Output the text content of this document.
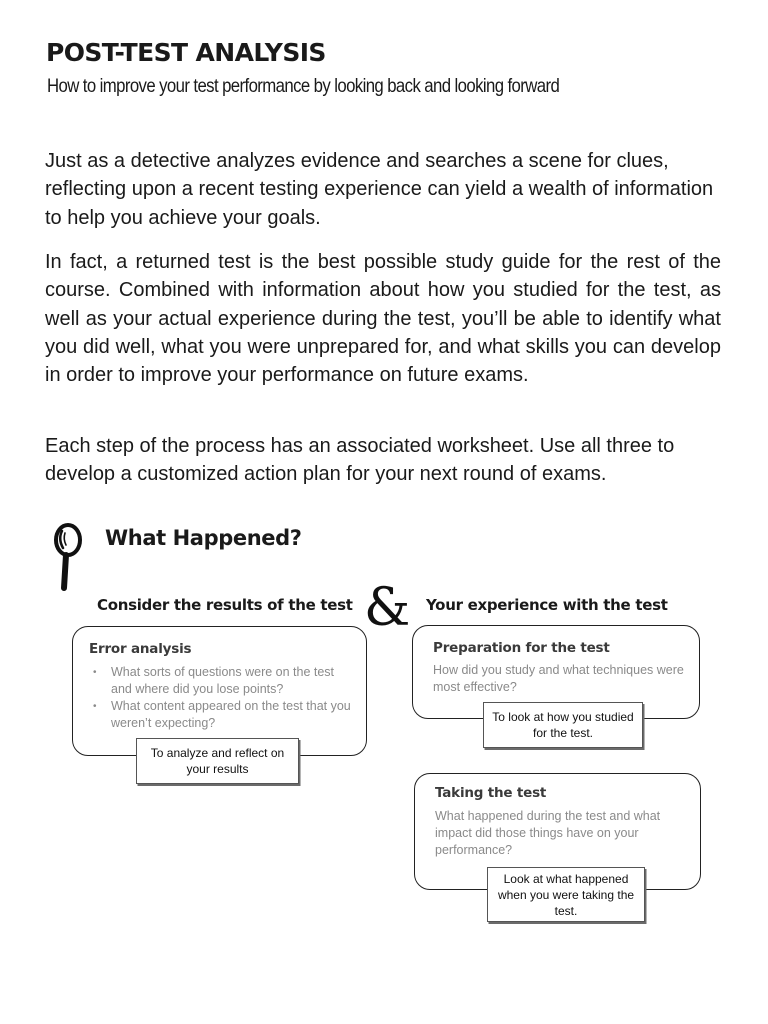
POST-TEST ANALYSIS

How to improve your test performance by looking back and looking forward

Just as a detective analyzes evidence and searches a scene for clues, reflecting upon a recent testing experience can yield a wealth of information to help you achieve your goals.

In fact, a returned test is the best possible study guide for the rest of the course. Combined with information about how you studied for the test, as well as your actual experience during the test, you’ll be able to identify what you did well, what you were unprepared for, and what skills you can develop in order to improve your performance on future exams.

Each step of the process has an associated worksheet. Use all three to develop a customized action plan for your next round of exams.

What Happened?

Consider the results of the test & Your experience with the test

Error analysis

• What sorts of questions were on the test and where did you lose points?
• What content appeared on the test that you weren’t expecting?
To analyze and reflect on your results

Preparation for the test

How did you study and what techniques were most effective?

To look at how you studied for the test.

Taking the test

What happened during the test and what impact did those things have on your performance?

Look at what happened when you were taking the test.
